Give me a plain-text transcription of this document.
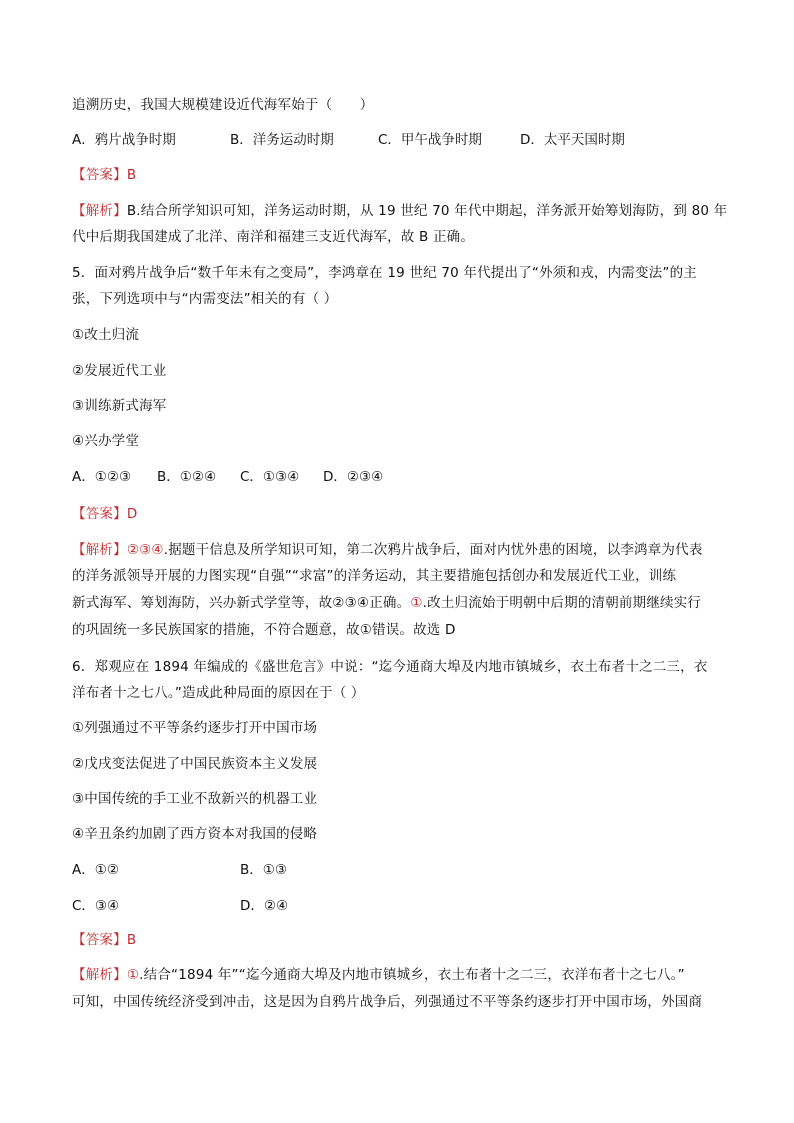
追溯历史，我国大规模建设近代海军始于（　　）
A．鸦片战争时期	B．洋务运动时期	C．甲午战争时期	D．太平天国时期
【答案】B
【解析】B.结合所学知识可知，洋务运动时期，从 19 世纪 70 年代中期起，洋务派开始筹划海防，到 80 年
代中后期我国建成了北洋、南洋和福建三支近代海军，故 B 正确。
5．面对鸦片战争后“数千年未有之变局”，李鸿章在 19 世纪 70 年代提出了“外须和戎，内需变法”的主
张，下列选项中与“内需变法”相关的有（ ）
①改土归流
②发展近代工业
③训练新式海军
④兴办学堂
A．①②③ B．①②④ C．①③④ D．②③④
【答案】D
【解析】②③④.据题干信息及所学知识可知，第二次鸦片战争后，面对内忧外患的困境，以李鸿章为代表
的洋务派领导开展的力图实现“自强”“求富”的洋务运动，其主要措施包括创办和发展近代工业，训练
新式海军、筹划海防，兴办新式学堂等，故②③④正确。①.改土归流始于明朝中后期的清朝前期继续实行
的巩固统一多民族国家的措施，不符合题意，故①错误。故选 D
6．郑观应在 1894 年编成的《盛世危言》中说：“迄今通商大埠及内地市镇城乡，衣土布者十之二三，衣
洋布者十之七八。”造成此种局面的原因在于（ ）
①列强通过不平等条约逐步打开中国市场
②戊戌变法促进了中国民族资本主义发展
③中国传统的手工业不敌新兴的机器工业
④辛丑条约加剧了西方资本对我国的侵略
A．①②	B．①③
C．③④	D．②④
【答案】B
【解析】①.结合“1894 年”“迄今通商大埠及内地市镇城乡，衣土布者十之二三，衣洋布者十之七八。”
可知，中国传统经济受到冲击，这是因为自鸦片战争后，列强通过不平等条约逐步打开中国市场，外国商
